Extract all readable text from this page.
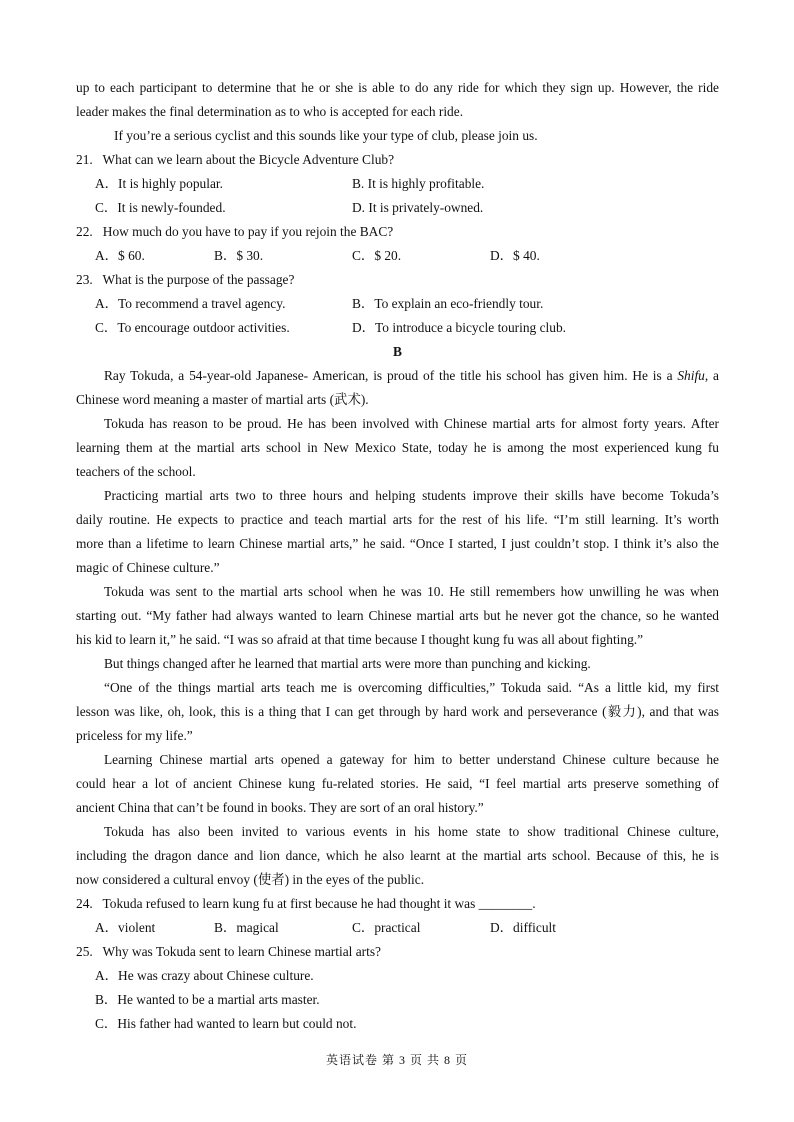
up to each participant to determine that he or she is able to do any ride for which they sign up. However, the ride
leader makes the final determination as to who is accepted for each ride.
If you’re a serious cyclist and this sounds like your type of club, please join us.
21.   What can we learn about the Bicycle Adventure Club?
A．It is highly popular.	B. It is highly profitable.
C．It is newly-founded.	D. It is privately-owned.
22.   How much do you have to pay if you rejoin the BAC?
A．$ 60.	B．$ 30.	C．$ 20.	D．$ 40.
23.   What is the purpose of the passage?
A．To recommend a travel agency.	B．To explain an eco-friendly tour.
C．To encourage outdoor activities.	D．To introduce a bicycle touring club.
B
Ray Tokuda, a 54-year-old Japanese- American, is proud of the title his school has given him. He is a Shifu, a
Chinese word meaning a master of martial arts (武术).
Tokuda has reason to be proud. He has been involved with Chinese martial arts for almost forty years. After
learning them at the martial arts school in New Mexico State, today he is among the most experienced kung fu
teachers of the school.
Practicing martial arts two to three hours and helping students improve their skills have become Tokuda’s
daily routine. He expects to practice and teach martial arts for the rest of his life. “I’m still learning. It’s worth
more than a lifetime to learn Chinese martial arts,” he said. “Once I started, I just couldn’t stop. I think it’s also the
magic of Chinese culture.”
Tokuda was sent to the martial arts school when he was 10. He still remembers how unwilling he was when
starting out. “My father had always wanted to learn Chinese martial arts but he never got the chance, so he wanted
his kid to learn it,” he said. “I was so afraid at that time because I thought kung fu was all about fighting.”
But things changed after he learned that martial arts were more than punching and kicking.
“One of the things martial arts teach me is overcoming difficulties,” Tokuda said. “As a little kid, my first
lesson was like, oh, look, this is a thing that I can get through by hard work and perseverance (毅力), and that was
priceless for my life.”
Learning Chinese martial arts opened a gateway for him to better understand Chinese culture because he
could hear a lot of ancient Chinese kung fu-related stories. He said, “I feel martial arts preserve something of
ancient China that can’t be found in books. They are sort of an oral history.”
Tokuda has also been invited to various events in his home state to show traditional Chinese culture,
including the dragon dance and lion dance, which he also learnt at the martial arts school. Because of this, he is
now considered a cultural envoy (使者) in the eyes of the public.
24.   Tokuda refused to learn kung fu at first because he had thought it was ________.
A．violent	B．magical	C．practical	D．difficult
25.   Why was Tokuda sent to learn Chinese martial arts?
A．He was crazy about Chinese culture.
B．He wanted to be a martial arts master.
C．His father had wanted to learn but could not.
英语试卷 第 3 页 共 8 页
